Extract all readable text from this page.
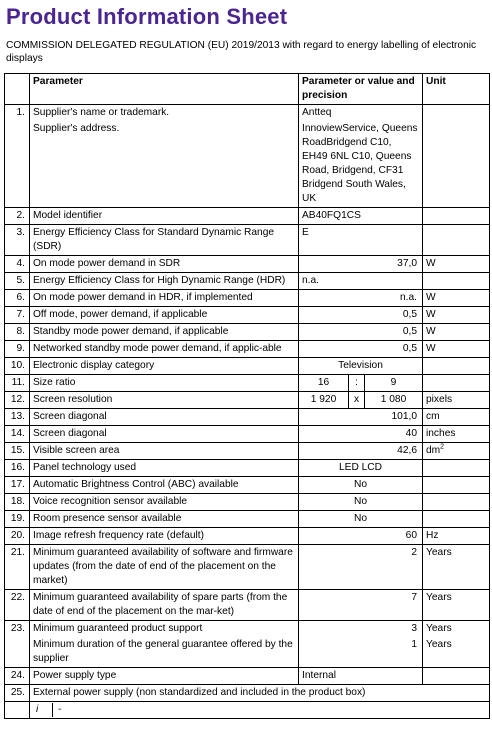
Product Information Sheet
COMMISSION DELEGATED REGULATION (EU) 2019/2013 with regard to energy labelling of electronic displays
	Parameter	Parameter or value and precision			Unit
1.	Supplier's name or trademark.	Antteq			
	Supplier's address.	InnoviewService, Queens RoadBridgend C10, EH49 6NL C10, Queens Road, Bridgend, CF31 Bridgend South Wales, UK			
2.	Model identifier	AB40FQ1CS			
3.	Energy Efficiency Class for Standard Dynamic Range (SDR)	E			
4.	On mode power demand in SDR	37,0			W
5.	Energy Efficiency Class for High Dynamic Range (HDR)	n.a.			
6.	On mode power demand in HDR, if implemented	n.a.			W
7.	Off mode, power demand, if applicable	0,5			W
8.	Standby mode power demand, if applicable	0,5			W
9.	Networked standby mode power demand, if applic-able	0,5			W
10.	Electronic display category	Television			
11.	Size ratio	16	:	9	
12.	Screen resolution	1 920	x	1 080	pixels
13.	Screen diagonal	101,0			cm
14.	Screen diagonal	40			inches
15.	Visible screen area	42,6			$dm^2$
16.	Panel technology used	LED LCD			
17.	Automatic Brightness Control (ABC) available	No			
18.	Voice recognition sensor available	No			
19.	Room presence sensor available	No			
20.	Image refresh frequency rate (default)	60			Hz
21.	Minimum guaranteed availability of software and firmware updates (from the date of end of the placement on the market)	2			Years
22.	Minimum guaranteed availability of spare parts (from the date of end of the placement on the mar-ket)	7			Years
23.	Minimum guaranteed product support	3			Years
	Minimum duration of the general guarantee offered by the supplier	1			Years
24.	Power supply type	Internal			
25.	External power supply (non standardized and included in the product box)				
	i -				
